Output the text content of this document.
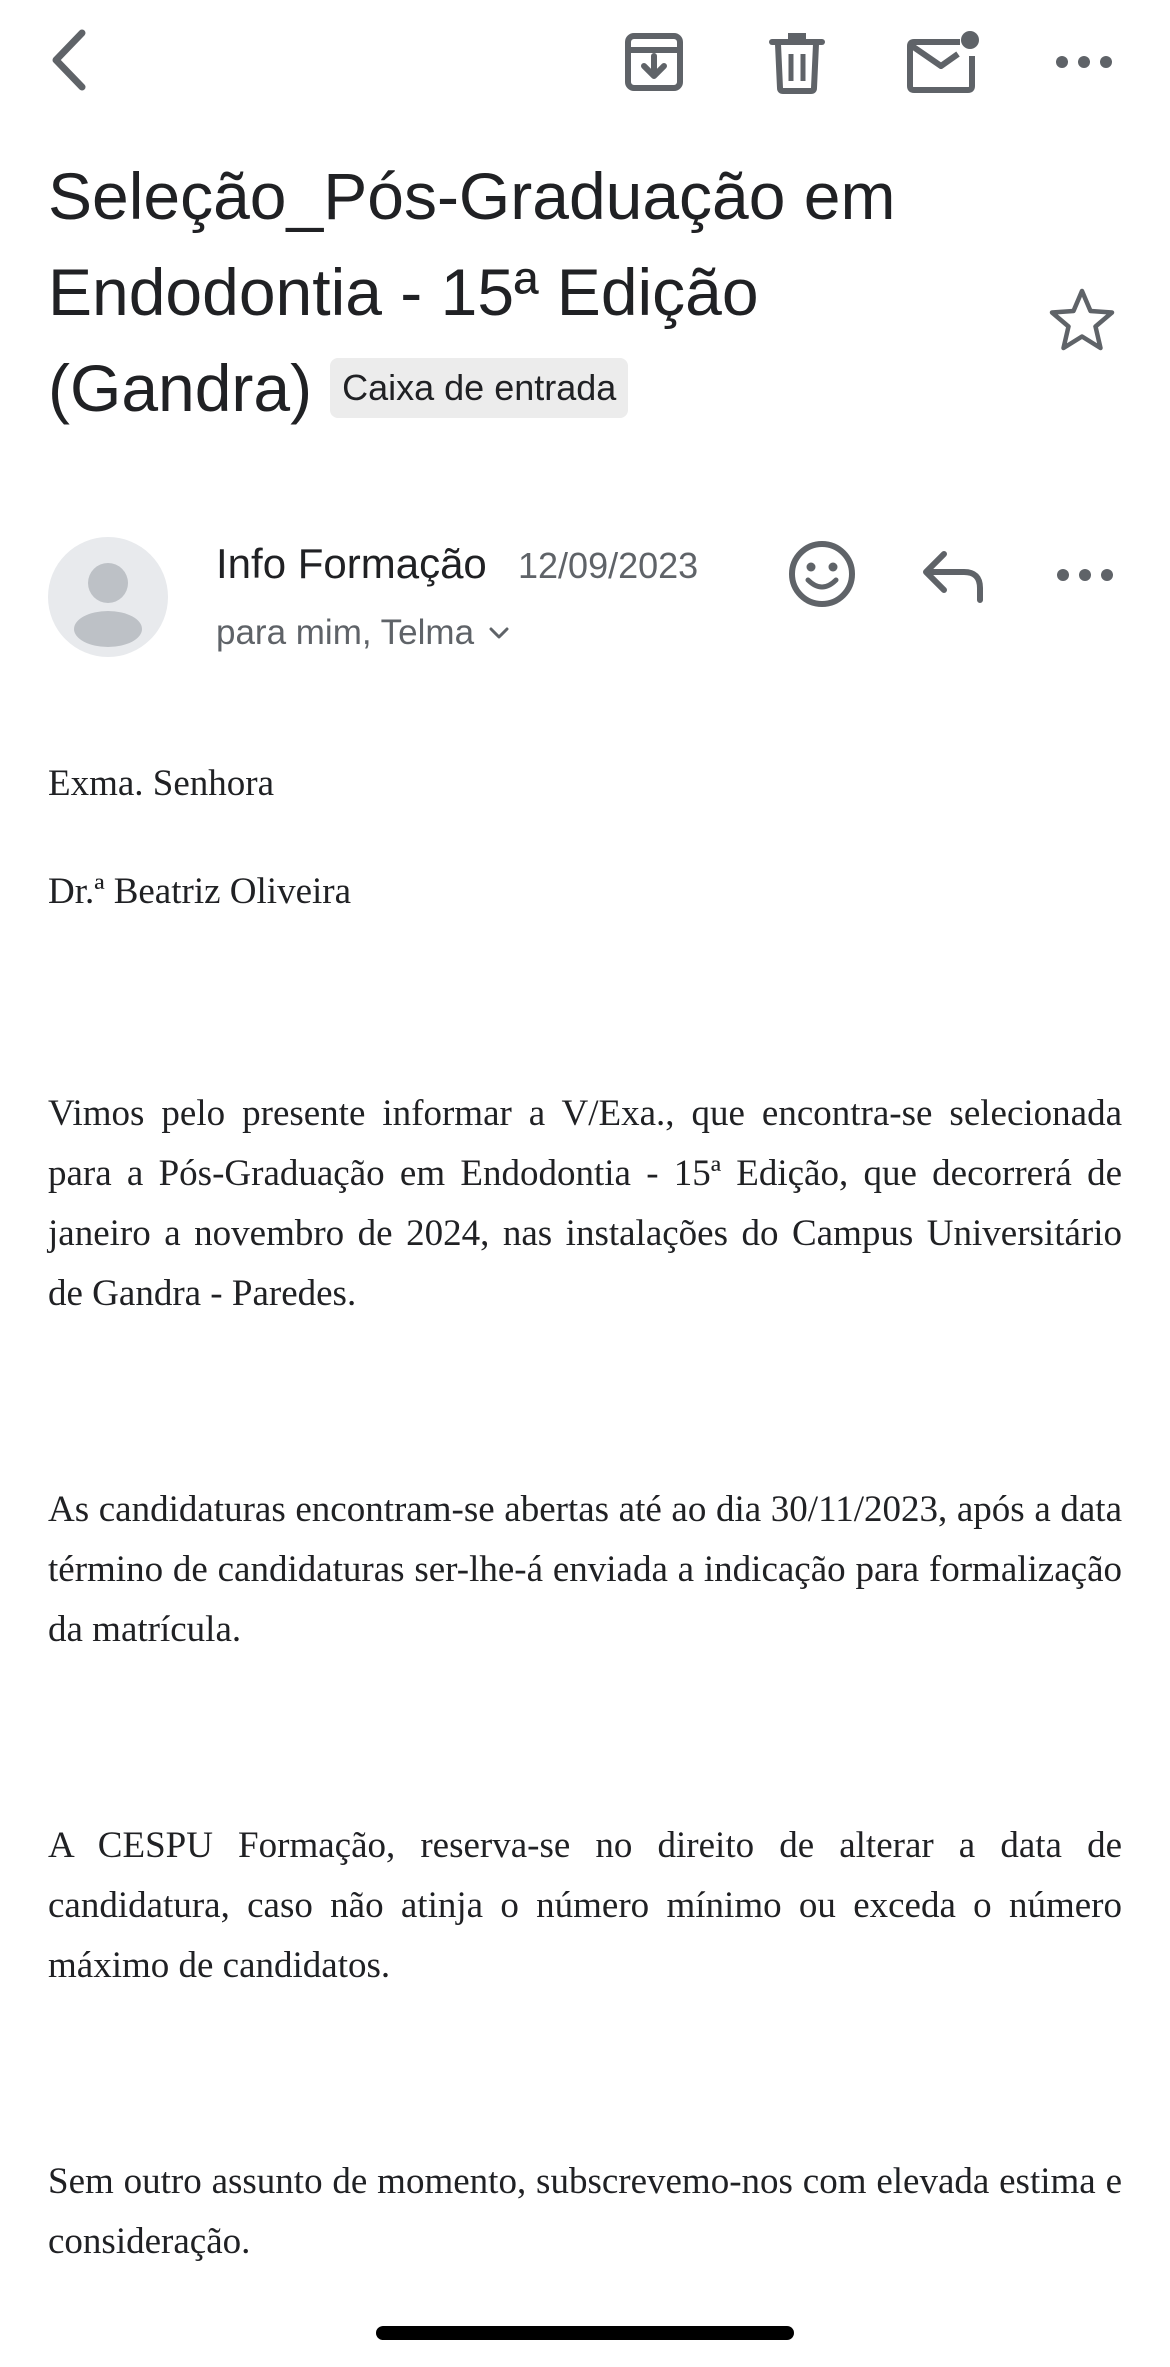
Seleção_Pós-Graduação em Endodontia - 15ª Edição (Gandra) Caixa de entrada
Info Formação 12/09/2023
para mim, Telma

Exma. Senhora

Dr.ª Beatriz Oliveira

Vimos pelo presente informar a V/Exa., que encontra-se selecionada para a Pós-Graduação em Endodontia - 15ª Edição, que decorrerá de janeiro a novembro de 2024, nas instalações do Campus Universitário de Gandra - Paredes.

As candidaturas encontram-se abertas até ao dia 30/11/2023, após a data término de candidaturas ser-lhe-á enviada a indicação para formalização da matrícula.

A CESPU Formação, reserva-se no direito de alterar a data de candidatura, caso não atinja o número mínimo ou exceda o número máximo de candidatos.

Sem outro assunto de momento, subscrevemo-nos com elevada estima e consideração.
